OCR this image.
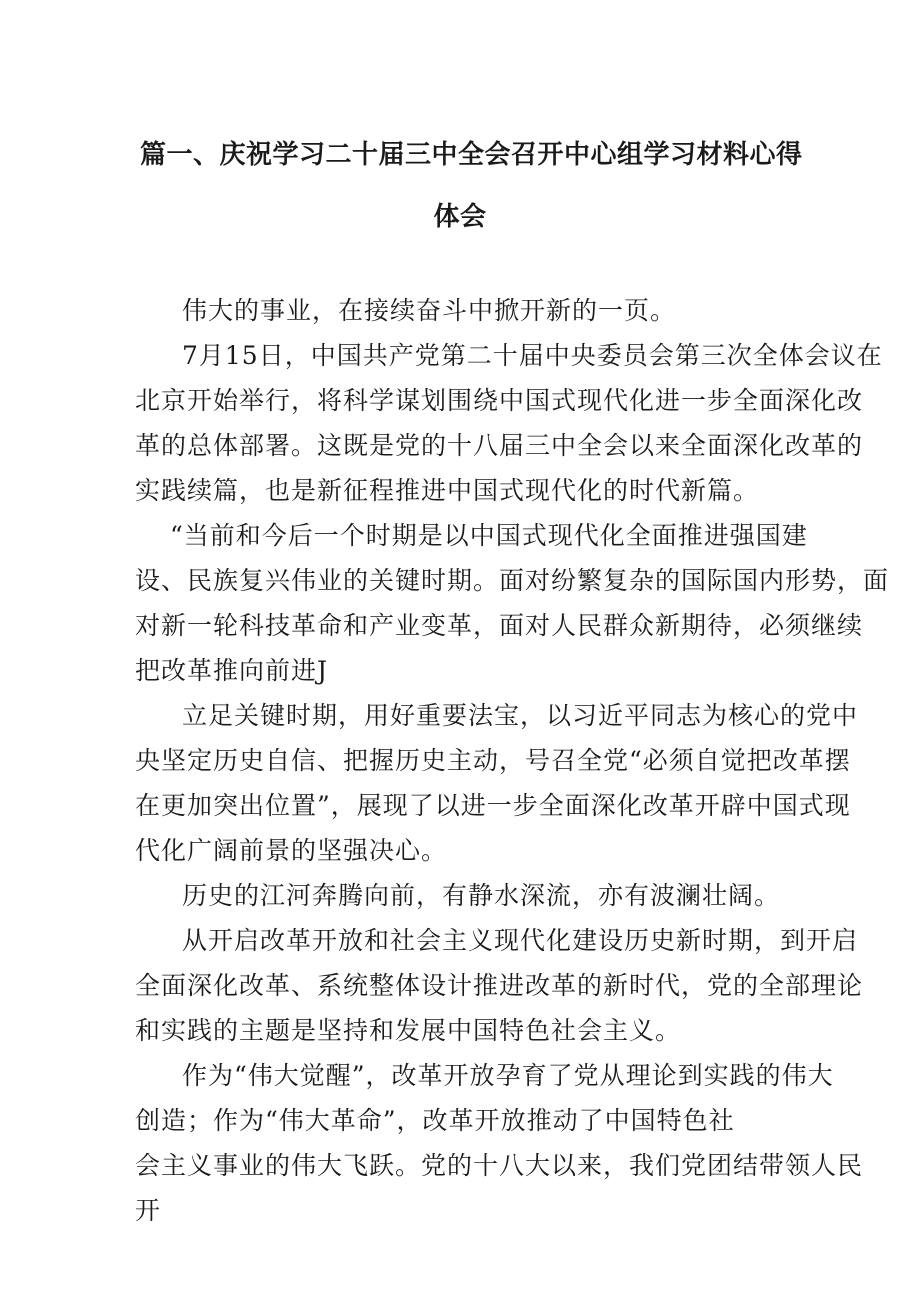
篇一、庆祝学习二十届三中全会召开中心组学习材料心得
体会
伟大的事业，在接续奋斗中掀开新的一页。
7月15日，中国共产党第二十届中央委员会第三次全体会议在
北京开始举行，将科学谋划围绕中国式现代化进一步全面深化改
革的总体部署。这既是党的十八届三中全会以来全面深化改革的
实践续篇，也是新征程推进中国式现代化的时代新篇。
“当前和今后一个时期是以中国式现代化全面推进强国建
设、民族复兴伟业的关键时期。面对纷繁复杂的国际国内形势，面
对新一轮科技革命和产业变革，面对人民群众新期待，必须继续
把改革推向前进J
立足关键时期，用好重要法宝，以习近平同志为核心的党中
央坚定历史自信、把握历史主动，号召全党“必须自觉把改革摆
在更加突出位置”，展现了以进一步全面深化改革开辟中国式现
代化广阔前景的坚强决心。
历史的江河奔腾向前，有静水深流，亦有波澜壮阔。
从开启改革开放和社会主义现代化建设历史新时期，到开启
全面深化改革、系统整体设计推进改革的新时代，党的全部理论
和实践的主题是坚持和发展中国特色社会主义。
作为“伟大觉醒”，改革开放孕育了党从理论到实践的伟大
创造；作为“伟大革命”，改革开放推动了中国特色社
会主义事业的伟大飞跃。党的十八大以来，我们党团结带领人民
开
